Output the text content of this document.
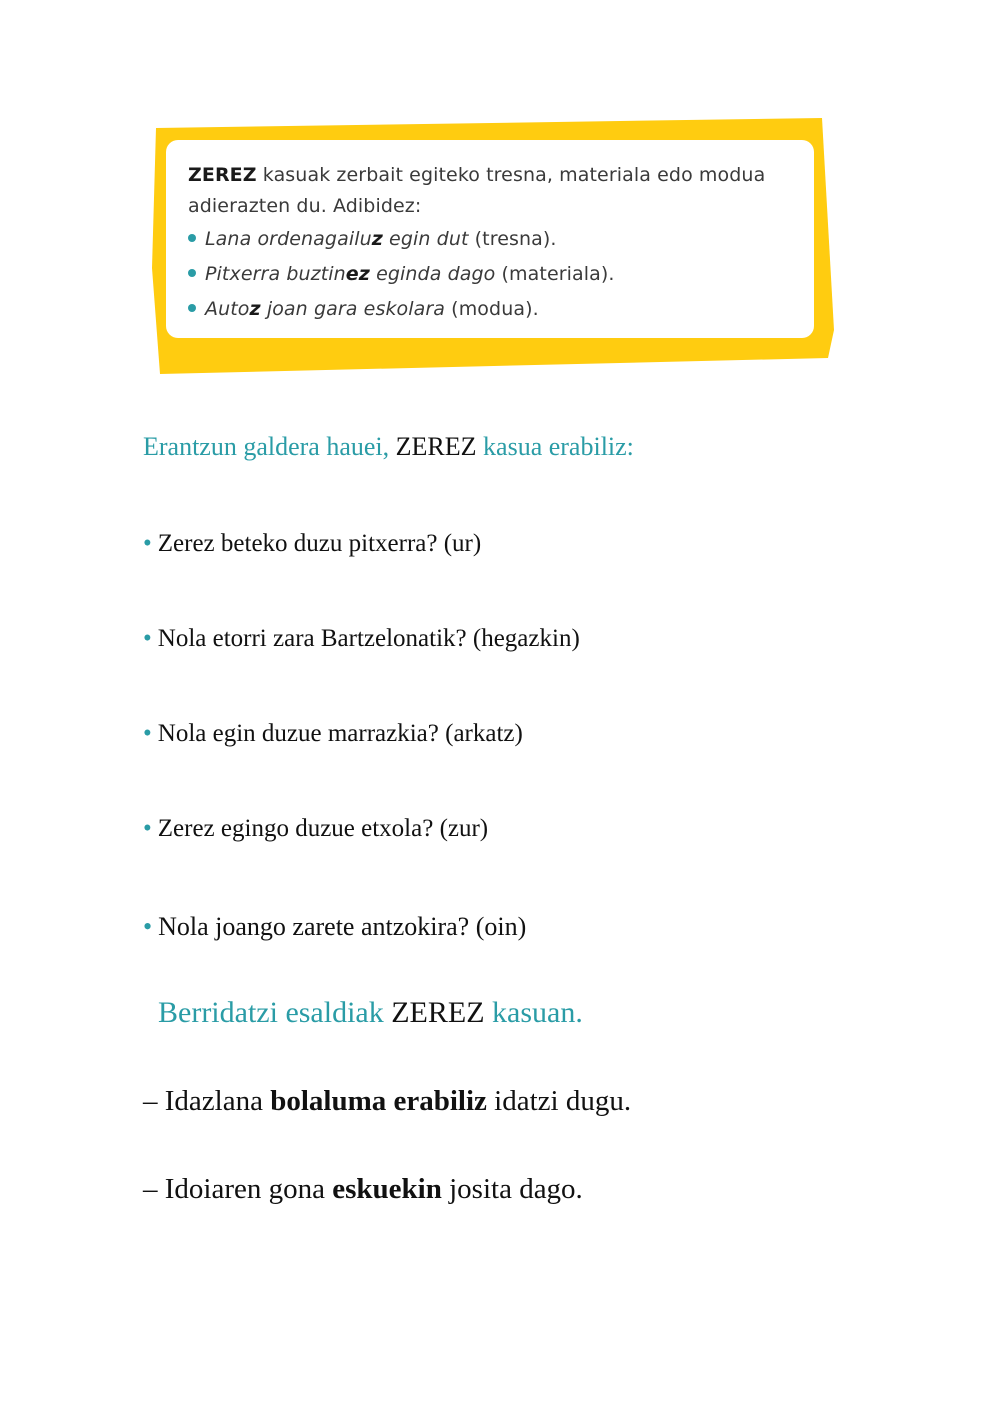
ZEREZ kasuak zerbait egiteko tresna, materiala edo modua adierazten du. Adibidez:
Lana ordenagailuz egin dut (tresna).
Pitxerra buztinez eginda dago (materiala).
Autoz joan gara eskolara (modua).
Erantzun galdera hauei, ZEREZ kasua erabiliz:
• Zerez beteko duzu pitxerra? (ur)
• Nola etorri zara Bartzelonatik? (hegazkin)
• Nola egin duzue marrazkia? (arkatz)
• Zerez egingo duzue etxola? (zur)
• Nola joango zarete antzokira? (oin)
Berridatzi esaldiak ZEREZ kasuan.
– Idazlana bolaluma erabiliz idatzi dugu.
– Idoiaren gona eskuekin josita dago.
